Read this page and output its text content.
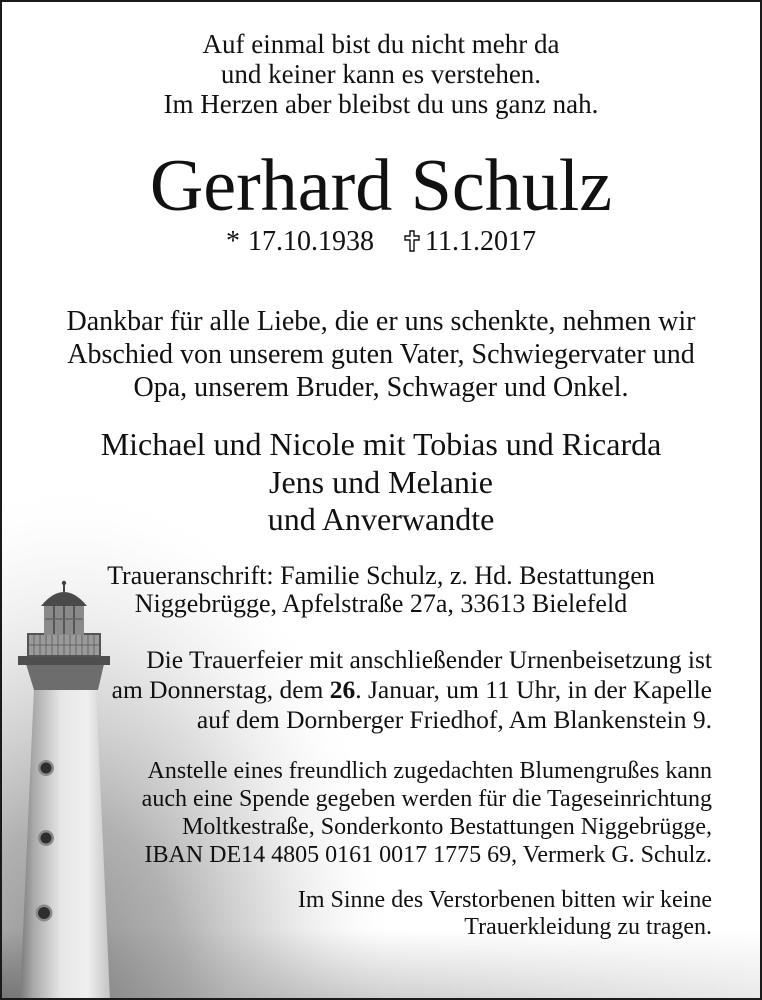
Auf einmal bist du nicht mehr da
und keiner kann es verstehen.
Im Herzen aber bleibst du uns ganz nah.
Gerhard Schulz
* 17.10.1938 11.1.2017
Dankbar für alle Liebe, die er uns schenkte, nehmen wir
Abschied von unserem guten Vater, Schwiegervater und
Opa, unserem Bruder, Schwager und Onkel.
Michael und Nicole mit Tobias und Ricarda
Jens und Melanie
und Anverwandte
Traueranschrift: Familie Schulz, z. Hd. Bestattungen
Niggebrügge, Apfelstraße 27a, 33613 Bielefeld
Die Trauerfeier mit anschließender Urnenbeisetzung ist
am Donnerstag, dem 26. Januar, um 11 Uhr, in der Kapelle
auf dem Dornberger Friedhof, Am Blankenstein 9.
Anstelle eines freundlich zugedachten Blumengrußes kann
auch eine Spende gegeben werden für die Tageseinrichtung
Moltkestraße, Sonderkonto Bestattungen Niggebrügge,
IBAN DE14 4805 0161 0017 1775 69, Vermerk G. Schulz.
Im Sinne des Verstorbenen bitten wir keine
Trauerkleidung zu tragen.
